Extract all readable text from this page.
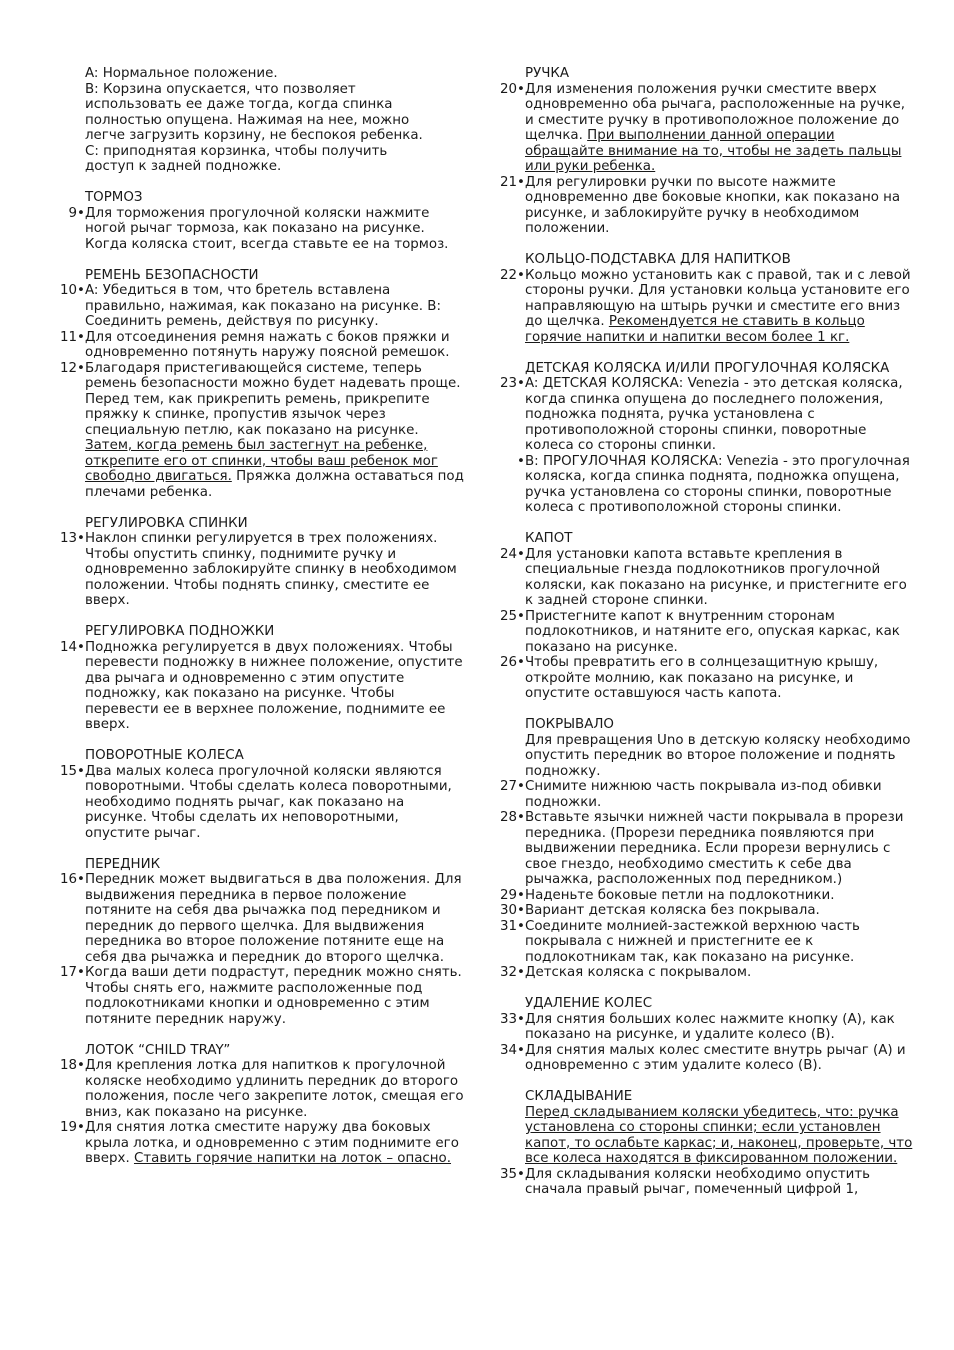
A: Нормальное положение.
B: Корзина опускается, что позволяет
использовать ее даже тогда, когда спинка
полностью опущена. Нажимая на нее, можно
легче загрузить корзину, не беспокоя ребенка.
C: приподнятая корзинка, чтобы получить
доступ к задней подножке.
ТОРМОЗ
9 • Для торможения прогулочной коляски нажмите ногой рычаг тормоза, как показано на рисунке. Когда коляска стоит, всегда ставьте ее на тормоз.
РЕМЕНЬ БЕЗОПАСНОСТИ
10 • A: Убедиться в том, что бретель вставлена правильно, нажимая, как показано на рисунке. B: Соединить ремень, действуя по рисунку.
11 • Для отсоединения ремня нажать с боков пряжки и одновременно потянуть наружу поясной ремешок.
12 • Благодаря пристегивающейся системе, теперь ремень безопасности можно будет надевать проще. Перед тем, как прикрепить ремень, прикрепите пряжку к спинке, пропустив язычок через специальную петлю, как показано на рисунке. Затем, когда ремень был застегнут на ребенке, открепите его от спинки, чтобы ваш ребенок мог свободно двигаться. Пряжка должна оставаться под плечами ребенка.
РЕГУЛИРОВКА СПИНКИ
13 • Наклон спинки регулируется в трех положениях. Чтобы опустить спинку, поднимите ручку и одновременно заблокируйте спинку в необходимом положении. Чтобы поднять спинку, сместите ее вверх.
РЕГУЛИРОВКА ПОДНОЖКИ
14 • Подножка регулируется в двух положениях. Чтобы перевести подножку в нижнее положение, опустите два рычага и одновременно с этим опустите подножку, как показано на рисунке. Чтобы перевести ее в верхнее положение, поднимите ее вверх.
ПОВОРОТНЫЕ КОЛЕСА
15 • Два малых колеса прогулочной коляски являются поворотными. Чтобы сделать колеса поворотными, необходимо поднять рычаг, как показано на рисунке. Чтобы сделать их неповоротными, опустите рычаг.
ПЕРЕДНИК
16 • Передник может выдвигаться в два положения. Для выдвижения передника в первое положение потяните на себя два рычажка под передником и передник до первого щелчка. Для выдвижения передника во второе положение потяните еще на себя два рычажка и передник до второго щелчка.
17 • Когда ваши дети подрастут, передник можно снять. Чтобы снять его, нажмите расположенные под подлокотниками кнопки и одновременно с этим потяните передник наружу.
ЛОТОК “CHILD TRAY”
18 • Для крепления лотка для напитков к прогулочной коляске необходимо удлинить передник до второго положения, после чего закрепите лоток, смещая его вниз, как показано на рисунке.
19 • Для снятия лотка сместите наружу два боковых крыла лотка, и одновременно с этим поднимите его вверх. Ставить горячие напитки на лоток – опасно.
РУЧКА
20 • Для изменения положения ручки сместите вверх одновременно оба рычага, расположенные на ручке, и сместите ручку в противоположное положение до щелчка. При выполнении данной операции обращайте внимание на то, чтобы не задеть пальцы или руки ребенка.
21 • Для регулировки ручки по высоте нажмите одновременно две боковые кнопки, как показано на рисунке, и заблокируйте ручку в необходимом положении.
КОЛЬЦО-ПОДСТАВКА ДЛЯ НАПИТКОВ
22 • Кольцо можно установить как с правой, так и с левой стороны ручки. Для установки кольца установите его направляющую на штырь ручки и сместите его вниз до щелчка. Рекомендуется не ставить в кольцо горячие напитки и напитки весом более 1 кг.
ДЕТСКАЯ КОЛЯСКА И/ИЛИ ПРОГУЛОЧНАЯ КОЛЯСКА
23 • A: ДЕТСКАЯ КОЛЯСКА: Venezia - это детская коляска, когда спинка опущена до последнего положения, подножка поднята, ручка установлена с противоположной стороны спинки, поворотные колеса со стороны спинки.
• B: ПРОГУЛОЧНАЯ КОЛЯСКА: Venezia - это прогулочная коляска, когда спинка поднята, подножка опущена, ручка установлена со стороны спинки, поворотные колеса с противоположной стороны спинки.
КАПОТ
24 • Для установки капота вставьте крепления в специальные гнезда подлокотников прогулочной коляски, как показано на рисунке, и пристегните его к задней стороне спинки.
25 • Пристегните капот к внутренним сторонам подлокотников, и натяните его, опуская каркас, как показано на рисунке.
26 • Чтобы превратить его в солнцезащитную крышу, откройте молнию, как показано на рисунке, и опустите оставшуюся часть капота.
ПОКРЫВАЛО
Для превращения Uno в детскую коляску необходимо опустить передник во второе положение и поднять подножку.
27 • Снимите нижнюю часть покрывала из-под обивки подножки.
28 • Вставьте язычки нижней части покрывала в прорези передника. (Прорези передника появляются при выдвижении передника. Если прорези вернулись с свое гнездо, необходимо сместить к себе два рычажка, расположенных под передником.)
29 • Наденьте боковые петли на подлокотники.
30 • Вариант детская коляска без покрывала.
31 • Соедините молнией-застежкой верхнюю часть покрывала с нижней и пристегните ее к подлокотникам так, как показано на рисунке.
32 • Детская коляска с покрывалом.
УДАЛЕНИЕ КОЛЕС
33 • Для снятия больших колес нажмите кнопку (A), как показано на рисунке, и удалите колесо (B).
34 • Для снятия малых колес сместите внутрь рычаг (A) и одновременно с этим удалите колесо (B).
СКЛАДЫВАНИЕ
Перед складыванием коляски убедитесь, что: ручка установлена со стороны спинки; если установлен капот, то ослабьте каркас; и, наконец, проверьте, что все колеса находятся в фиксированном положении.
35 • Для складывания коляски необходимо опустить сначала правый рычаг, помеченный цифрой 1,
